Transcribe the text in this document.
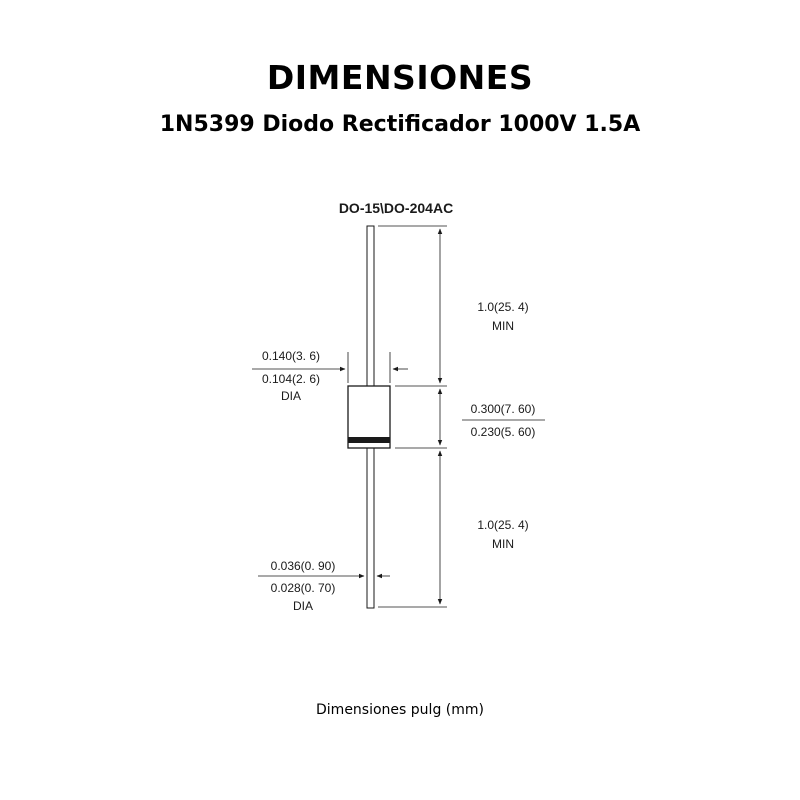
DIMENSIONES
1N5399 Diodo Rectificador 1000V 1.5A
DO-15\DO-204AC
1.0(25. 4)
MIN
0.300(7. 60)
0.230(5. 60)
1.0(25. 4)
MIN
0.140(3. 6)
0.104(2. 6)
DIA
0.036(0. 90)
0.028(0. 70)
DIA
Dimensiones pulg (mm)
